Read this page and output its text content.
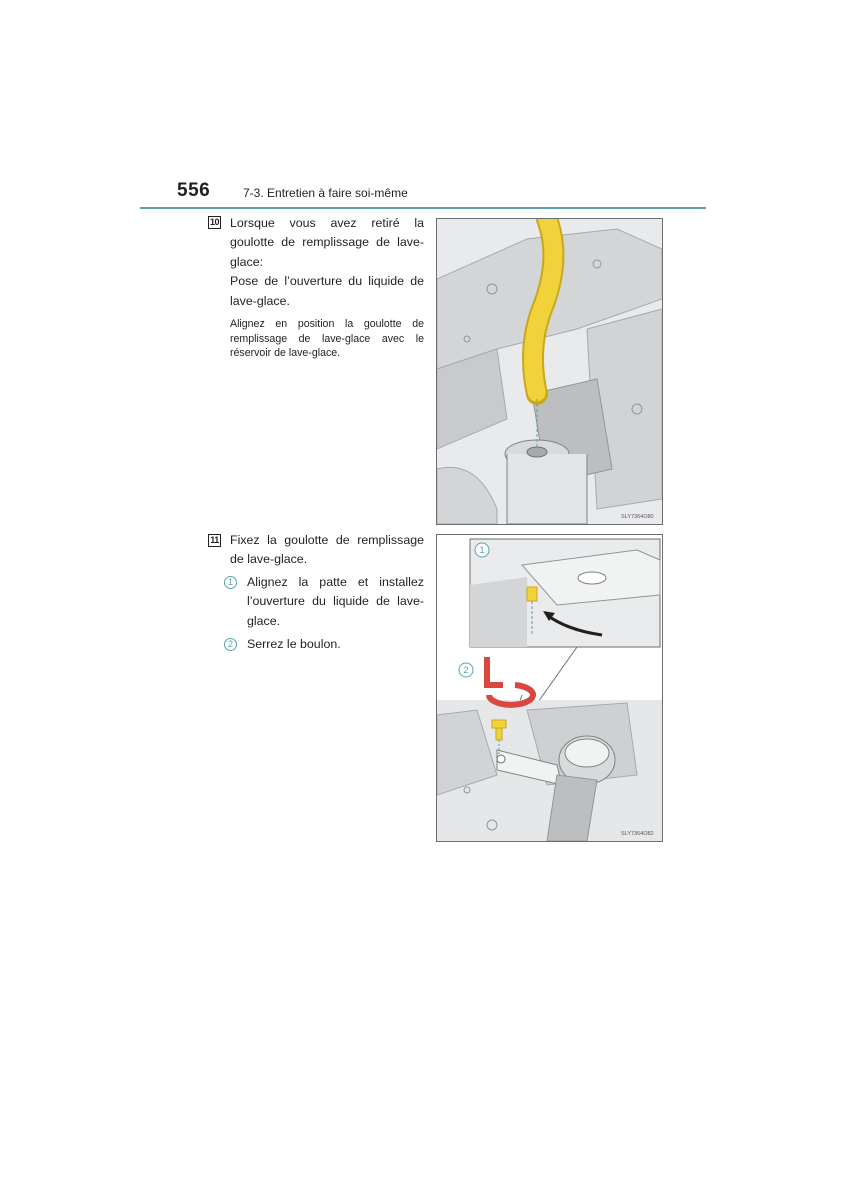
556	7-3. Entretien à faire soi-même
10 Lorsque vous avez retiré la goulotte de remplissage de lave-glace:

Pose de l’ouverture du liquide de lave-glace.

Alignez en position la goulotte de remplissage de lave-glace avec le réservoir de lave-glace.
SLY7364O80
11 Fixez la goulotte de remplissage de lave-glace.

1	Alignez la patte et installez l’ouverture du liquide de lave-glace.
2	Serrez le boulon.
1
2
SLY7364O82
